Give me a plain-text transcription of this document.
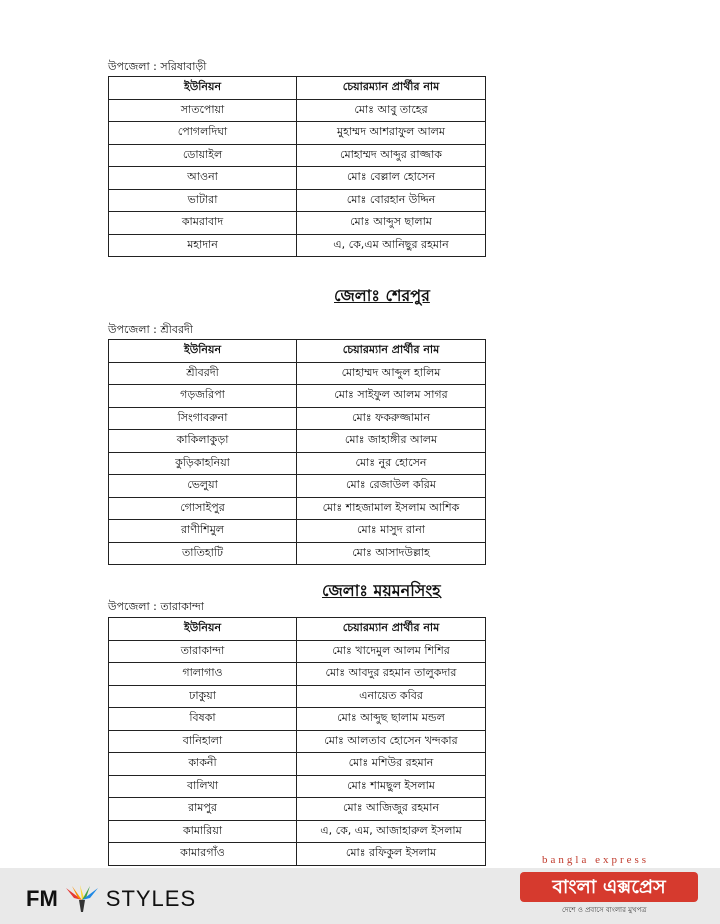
উপজেলা : সরিষাবাড়ী
ইউনিয়ন	চেয়ারম্যান প্রার্থীর নাম
সাতপোয়া	মোঃ আবু তাহের
পোগলদিঘা	মুহাম্মদ আশরাফুল আলম
ডোয়াইল	মোহাম্মদ আব্দুর রাজ্জাক
আওনা	মোঃ বেল্লাল হোসেন
ভাটারা	মোঃ বোরহান উদ্দিন
কামরাবাদ	মোঃ আব্দুস ছালাম
মহাদান	এ, কে,এম আনিছুর রহমান
জেলাঃ শেরপুর
উপজেলা : শ্রীবরদী
ইউনিয়ন	চেয়ারম্যান প্রার্থীর নাম
শ্রীবরদী	মোহাম্মদ আব্দুল হালিম
গড়জরিপা	মোঃ সাইফুল আলম সাগর
সিংগাবরুনা	মোঃ ফকরুজ্জামান
কাকিলাকুড়া	মোঃ জাহাঙ্গীর আলম
কুড়িকাহনিয়া	মোঃ নুর হোসেন
ভেলুয়া	মোঃ রেজাউল করিম
গোসাইপুর	মোঃ শাহজামাল ইসলাম আশিক
রাণীশিমুল	মোঃ মাসুদ রানা
তাতিহাটি	মোঃ আসাদউল্লাহ
জেলাঃ ময়মনসিংহ
উপজেলা : তারাকান্দা
ইউনিয়ন	চেয়ারম্যান প্রার্থীর নাম
তারাকান্দা	মোঃ খাদেমুল আলম শিশির
গালাগাও	মোঃ আবদুর রহমান তালুকদার
ঢাকুয়া	এনায়েত কবির
বিষকা	মোঃ আব্দুছ ছালাম মন্ডল
বানিহালা	মোঃ আলতাব হোসেন খন্দকার
কাকনী	মোঃ মশিউর রহমান
বালিখা	মোঃ শামছুল ইসলাম
রামপুর	মোঃ আজিজুর রহমান
কামারিয়া	এ, কে, এম, আজাহারুল ইসলাম
কামারগাঁও	মোঃ রফিকুল ইসলাম
FM STYLES
bangla express
বাংলা এক্সপ্রেস
দেশে ও প্রবাসে বাংলার মুখপত্র
